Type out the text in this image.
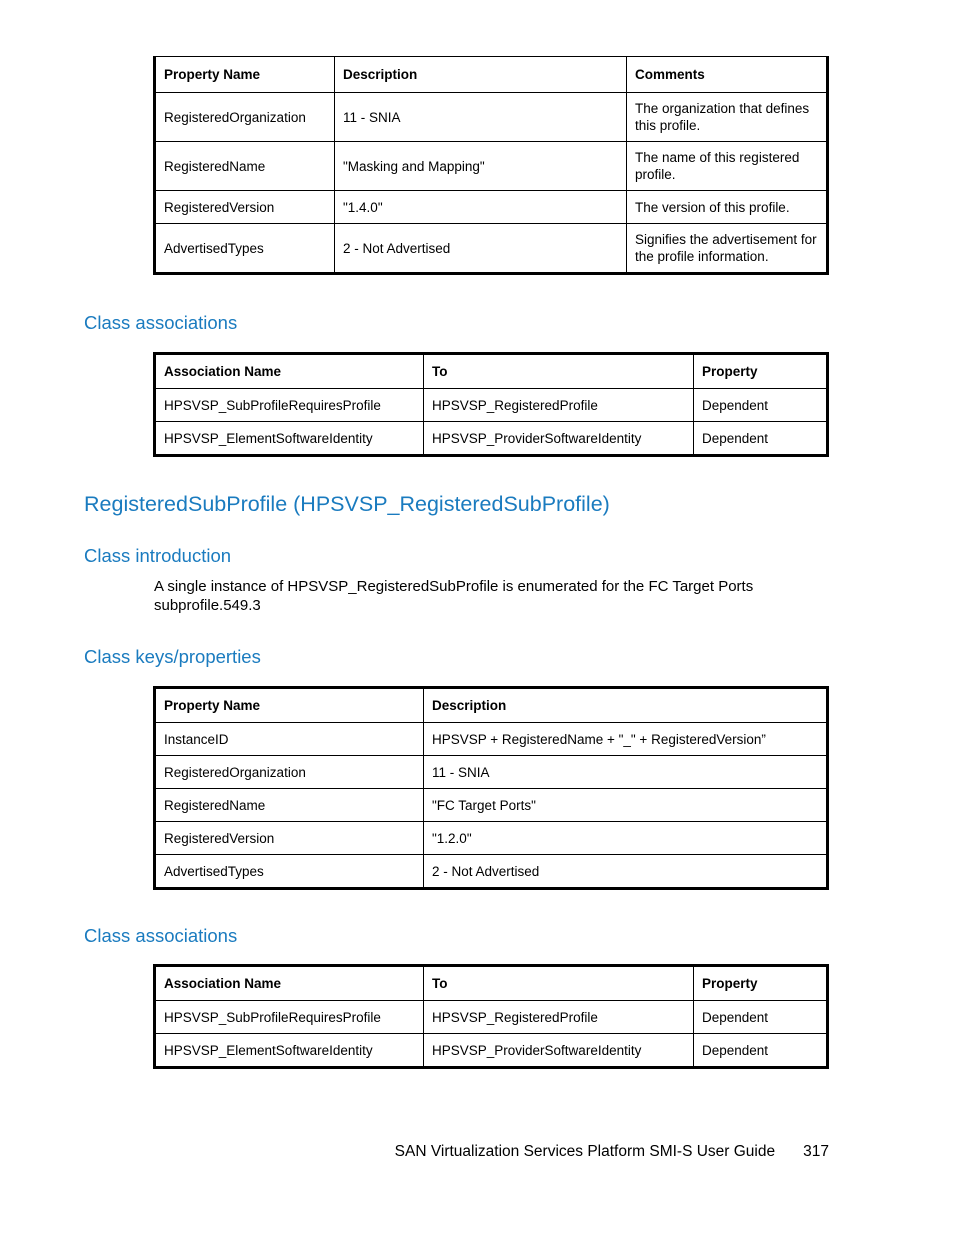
Property Name	Description	Comments
RegisteredOrganization	11 - SNIA	The organization that defines this profile.
RegisteredName	"Masking and Mapping"	The name of this registered profile.
RegisteredVersion	"1.4.0"	The version of this profile.
AdvertisedTypes	2 - Not Advertised	Signifies the advertisement for the profile information.
Class associations
Association Name	To	Property
HPSVSP_SubProfileRequiresProfile	HPSVSP_RegisteredProfile	Dependent
HPSVSP_ElementSoftwareIdentity	HPSVSP_ProviderSoftwareIdentity	Dependent
RegisteredSubProfile (HPSVSP_RegisteredSubProfile)
Class introduction

A single instance of HPSVSP_RegisteredSubProfile is enumerated for the FC Target Ports subprofile.549.3

Class keys/properties
Property Name	Description
InstanceID	HPSVSP + RegisteredName + "_" + RegisteredVersion”
RegisteredOrganization	11 - SNIA
RegisteredName	"FC Target Ports"
RegisteredVersion	"1.2.0"
AdvertisedTypes	2 - Not Advertised
Class associations
Association Name	To	Property
HPSVSP_SubProfileRequiresProfile	HPSVSP_RegisteredProfile	Dependent
HPSVSP_ElementSoftwareIdentity	HPSVSP_ProviderSoftwareIdentity	Dependent
SAN Virtualization Services Platform SMI-S User Guide 317
